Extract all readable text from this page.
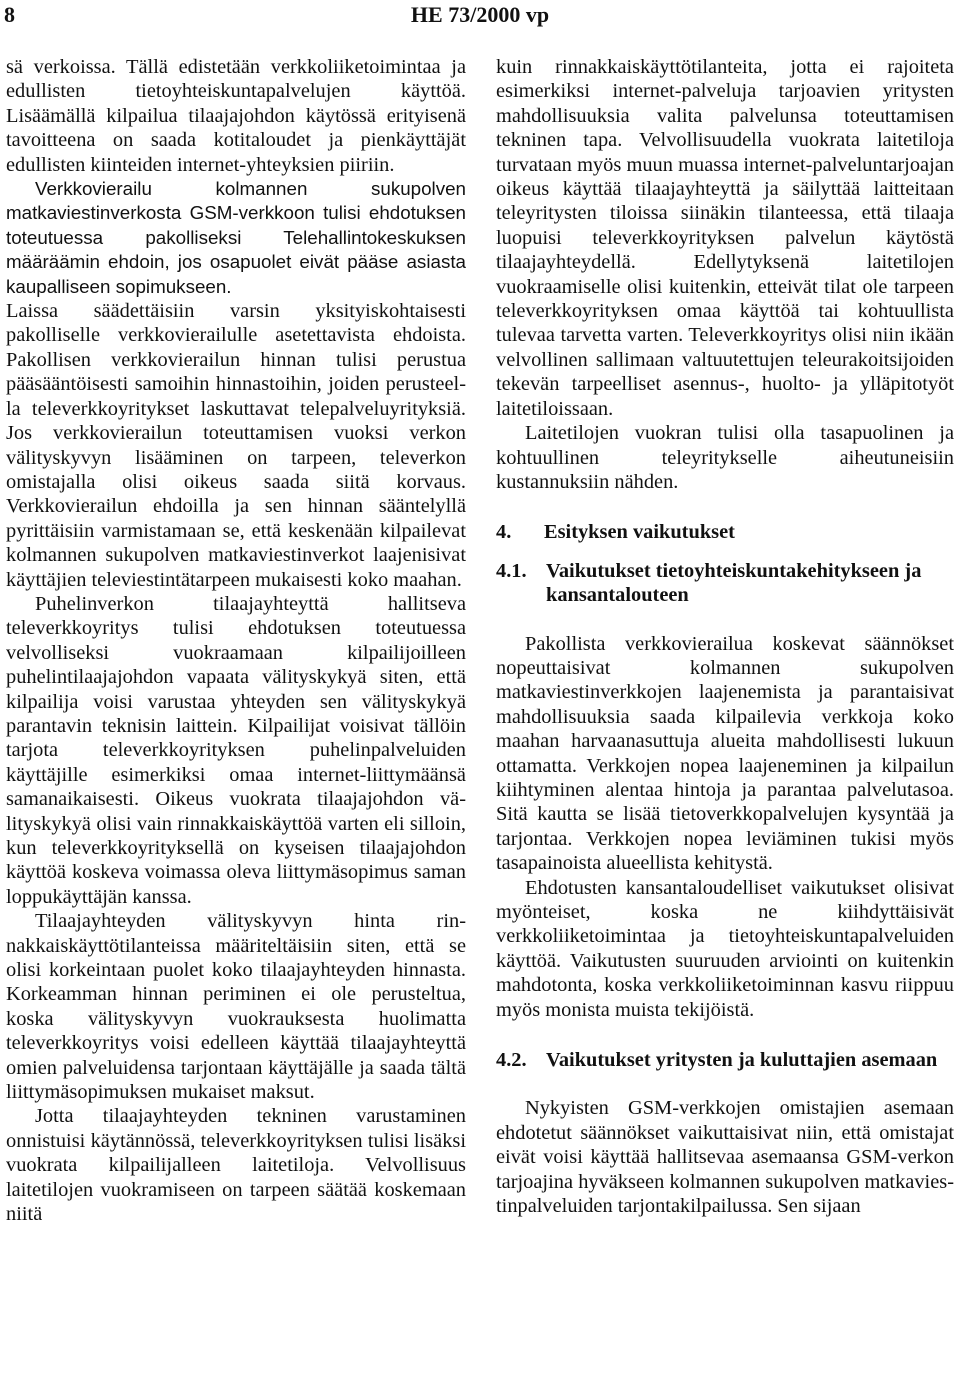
8	HE 73/2000 vp

sä verkoissa. Tällä edistetään verkkoliiketoimintaa ja edullisten tietoyhteiskuntapalvelujen käyttöä. Lisäämällä kilpailua tilaajajohdon käytössä erityisenä tavoitteena on saada kotitaloudet ja pienkäyttäjät edullisten kiinteiden internet-yhteyksien piiriin.

Verkkovierailu kolmannen sukupolven matkaviestinverkosta GSM-verkkoon tulisi ehdotuksen toteutuessa pakolliseksi Telehallintokeskuksen määräämin ehdoin, jos osapuolet eivät pääse asiasta kaupalliseen sopimukseen.

Laissa säädettäisiin varsin yksityiskohtaisesti pakolliselle verkkovierailulle asetettavista ehdoista. Pakollisen verkkovierailun hinnan tulisi perustua pääsääntöisesti samoihin hinnastoihin, joiden perusteella televerkkoyritykset laskuttavat telepalveluyrityksiä. Jos verkkovierailun toteuttamisen vuoksi verkon välityskyvyn lisääminen on tarpeen, televerkon omistajalla olisi oikeus saada siitä korvaus. Verkkovierailun ehdoilla ja sen hinnan sääntelyllä pyrittäisiin varmistamaan se, että keskenään kilpailevat kolmannen sukupolven matkaviestinverkot laajenisivat käyttäjien televiestintätarpeen mukaisesti koko maahan.

Puhelinverkon tilaajayhteyttä hallitseva televerkkoyritys tulisi ehdotuksen toteutuessa velvolliseksi vuokraamaan kilpailijoilleen puhelintilaajajohdon vapaata välityskykyä siten, että kilpailija voisi varustaa yhteyden sen välityskykyä parantavin teknisin laittein. Kilpailijat voisivat tällöin tarjota televerkkoyrityksen puhelinpalveluiden käyttäjille esimerkiksi omaa internet-liittymäänsä samanaikaisesti. Oikeus vuokrata tilaajajohdon välityskykyä olisi vain rinnakkaiskäyttöä varten eli silloin, kun televerkkoyrityksellä on kyseisen tilaajajohdon käyttöä koskeva voimassa oleva liittymäsopimus saman loppukäyttäjän kanssa.

Tilaajayhteyden välityskyvyn hinta rinnakkaiskäyttötilanteissa määriteltäisiin siten, että se olisi korkeintaan puolet koko tilaajayhteyden hinnasta. Korkeamman hinnan periminen ei ole perusteltua, koska välityskyvyn vuokrauksesta huolimatta televerkkoyritys voisi edelleen käyttää tilaajayhteyttä omien palveluidensa tarjontaan käyttäjälle ja saada tältä liittymäsopimuksen mukaiset maksut.

Jotta tilaajayhteyden tekninen varustaminen onnistuisi käytännössä, televerkkoyrityksen tulisi lisäksi vuokrata kilpailijalleen laitetiloja. Velvollisuus laitetilojen vuokramiseen on tarpeen säätää koskemaan niitä

kuin rinnakkaiskäyttötilanteita, jotta ei rajoiteta esimerkiksi internet-palveluja tarjoavien yritysten mahdollisuuksia valita palvelunsa toteuttamisen tekninen tapa. Velvollisuudella vuokrata laitetiloja turvataan myös muun muassa internet-palveluntarjoajan oikeus käyttää tilaajayhteyttä ja säilyttää laitteitaan teleyritysten tiloissa siinäkin tilanteessa, että tilaaja luopuisi televerkkoyrityksen palvelun käytöstä tilaajayhteydellä. Edellytyksenä laitetilojen vuokraamiselle olisi kuitenkin, etteivät tilat ole tarpeen televerkkoyrityksen omaa käyttöä tai kohtuullista tulevaa tarvetta varten. Televerkkoyritys olisi niin ikään velvollinen sallimaan valtuutettujen teleurakoitsijoiden tekevän tarpeelliset asennus-, huolto- ja ylläpitotyöt laitetiloissaan.

Laitetilojen vuokran tulisi olla tasapuolinen ja kohtuullinen teleyritykselle aiheutuneisiin kustannuksiin nähden.

4. Esityksen vaikutukset
4.1. Vaikutukset tietoyhteiskuntakehitykseen ja kansantalouteen

Pakollista verkkovierailua koskevat säännökset nopeuttaisivat kolmannen sukupolven matkaviestinverkkojen laajenemista ja parantaisivat mahdollisuuksia saada kilpailevia verkkoja koko maahan harvaanasuttuja alueita mahdollisesti lukuun ottamatta. Verkkojen nopea laajeneminen ja kilpailun kiihtyminen alentaa hintoja ja parantaa palvelutasoa. Sitä kautta se lisää tietoverkkopalvelujen kysyntää ja tarjontaa. Verkkojen nopea leviäminen tukisi myös tasapainoista alueellista kehitystä.

Ehdotusten kansantaloudelliset vaikutukset olisivat myönteiset, koska ne kiihdyttäisivät verkkoliiketoimintaa ja tietoyhteiskuntapalveluiden käyttöä. Vaikutusten suuruuden arviointi on kuitenkin mahdotonta, koska verkkoliiketoiminnan kasvu riippuu myös monista muista tekijöistä.

4.2. Vaikutukset yritysten ja kuluttajien asemaan

Nykyisten GSM-verkkojen omistajien asemaan ehdotetut säännökset vaikuttaisivat niin, että omistajat eivät voisi käyttää hallitsevaa asemaansa GSM-verkon tarjoajina hyväkseen kolmannen sukupolven matkaviestinpalveluiden tarjontakilpailussa. Sen sijaan
